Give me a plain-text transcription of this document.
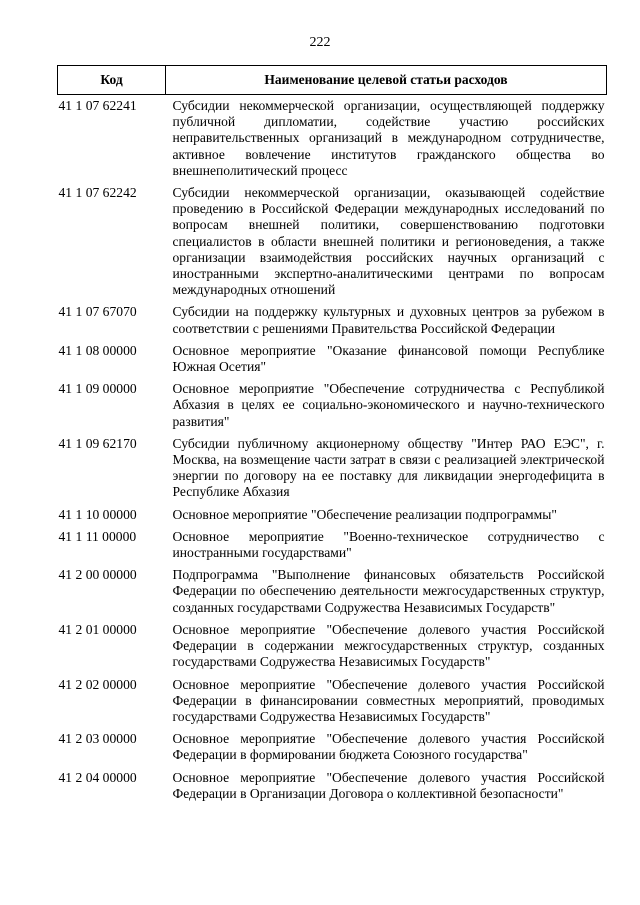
222
Код	Наименование целевой статьи расходов
41 1 07 62241	Субсидии некоммерческой организации, осуществляющей поддержку публичной дипломатии, содействие участию российских неправительственных организаций в международном сотрудничестве, активное вовлечение институтов гражданского общества во внешнеполитический процесс
41 1 07 62242	Субсидии некоммерческой организации, оказывающей содействие проведению в Российской Федерации международных исследований по вопросам внешней политики, совершенствованию подготовки специалистов в области внешней политики и регионоведения, а также организации взаимодействия российских научных организаций с иностранными экспертно-аналитическими центрами по вопросам международных отношений
41 1 07 67070	Субсидии на поддержку культурных и духовных центров за рубежом в соответствии с решениями Правительства Российской Федерации
41 1 08 00000	Основное мероприятие "Оказание финансовой помощи Республике Южная Осетия"
41 1 09 00000	Основное мероприятие "Обеспечение сотрудничества с Республикой Абхазия в целях ее социально-экономического и научно-технического развития"
41 1 09 62170	Субсидии публичному акционерному обществу "Интер РАО ЕЭС", г. Москва, на возмещение части затрат в связи с реализацией электрической энергии по договору на ее поставку для ликвидации энергодефицита в Республике Абхазия
41 1 10 00000	Основное мероприятие "Обеспечение реализации подпрограммы"
41 1 11 00000	Основное мероприятие "Военно-техническое сотрудничество с иностранными государствами"
41 2 00 00000	Подпрограмма "Выполнение финансовых обязательств Российской Федерации по обеспечению деятельности межгосударственных структур, созданных государствами Содружества Независимых Государств"
41 2 01 00000	Основное мероприятие "Обеспечение долевого участия Российской Федерации в содержании межгосударственных структур, созданных государствами Содружества Независимых Государств"
41 2 02 00000	Основное мероприятие "Обеспечение долевого участия Российской Федерации в финансировании совместных мероприятий, проводимых государствами Содружества Независимых Государств"
41 2 03 00000	Основное мероприятие "Обеспечение долевого участия Российской Федерации в формировании бюджета Союзного государства"
41 2 04 00000	Основное мероприятие "Обеспечение долевого участия Российской Федерации в Организации Договора о коллективной безопасности"
